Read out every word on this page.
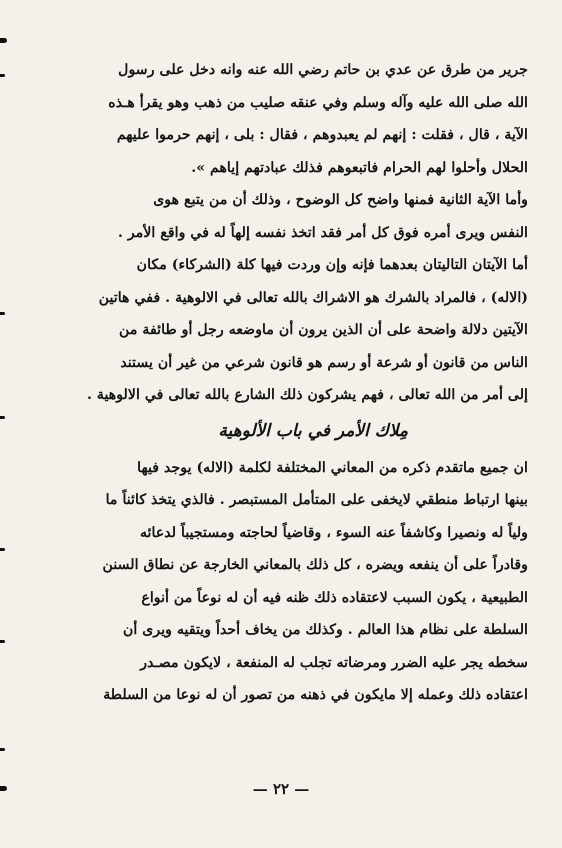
جرير من طرق عن عدي بن حاتم رضي الله عنه وانه دخل على رسول
الله صلى الله عليه وآله وسلم وفي عنقه صليب من ذهب وهو يقرأ هـذه
الآية ، قال ، فقلت : إنهم لم يعبدوهم ، فقال : بلى ، إنهم حرموا عليهم
الحلال وأحلوا لهم الحرام فاتبعوهم فذلك عبادتهم إياهم ».
وأما الآية الثانية فمنها واضح كل الوضوح ، وذلك أن من يتبع هوى
النفس ويرى أمره فوق كل أمر فقد اتخذ نفسه إلهاً له في واقع الأمر .
أما الآيتان التاليتان بعدهما فإنه وإن وردت فيها كلة (الشركاء) مكان
(الاله) ، فالمراد بالشرك هو الاشراك بالله تعالى في الالوهية . ففي هاتين
الآيتين دلالة واضحة على أن الذين يرون أن ماوضعه رجل أو طائفة من
الناس من قانون أو شرعة أو رسم هو قانون شرعي من غير أن يستند
إلى أمر من الله تعالى ، فهم يشركون ذلك الشارع بالله تعالى في الالوهية .
مِلاك الأمر في باب الألوهية
ان جميع ماتقدم ذكره من المعاني المختلفة لكلمة (الاله) يوجد فيها
بينها ارتباط منطقي لايخفى على المتأمل المستبصر . فالذي يتخذ كائناً ما
ولياً له ونصيرا وكاشفاً عنه السوء ، وقاضياً لحاجته ومستجيباً لدعائه
وقادراً على أن ينفعه ويضره ، كل ذلك بالمعاني الخارجة عن نطاق السنن
الطبيعية ، يكون السبب لاعتقاده ذلك ظنه فيه أن له نوعاً من أنواع
السلطة على نظام هذا العالم . وكذلك من يخاف أحداً ويتقيه ويرى أن
سخطه يجر عليه الضرر ومرضاته تجلب له المنفعة ، لايكون مصـدر
اعتقاده ذلك وعمله إلا مايكون في ذهنه من تصور أن له نوعا من السلطة
— ٢٢ —
